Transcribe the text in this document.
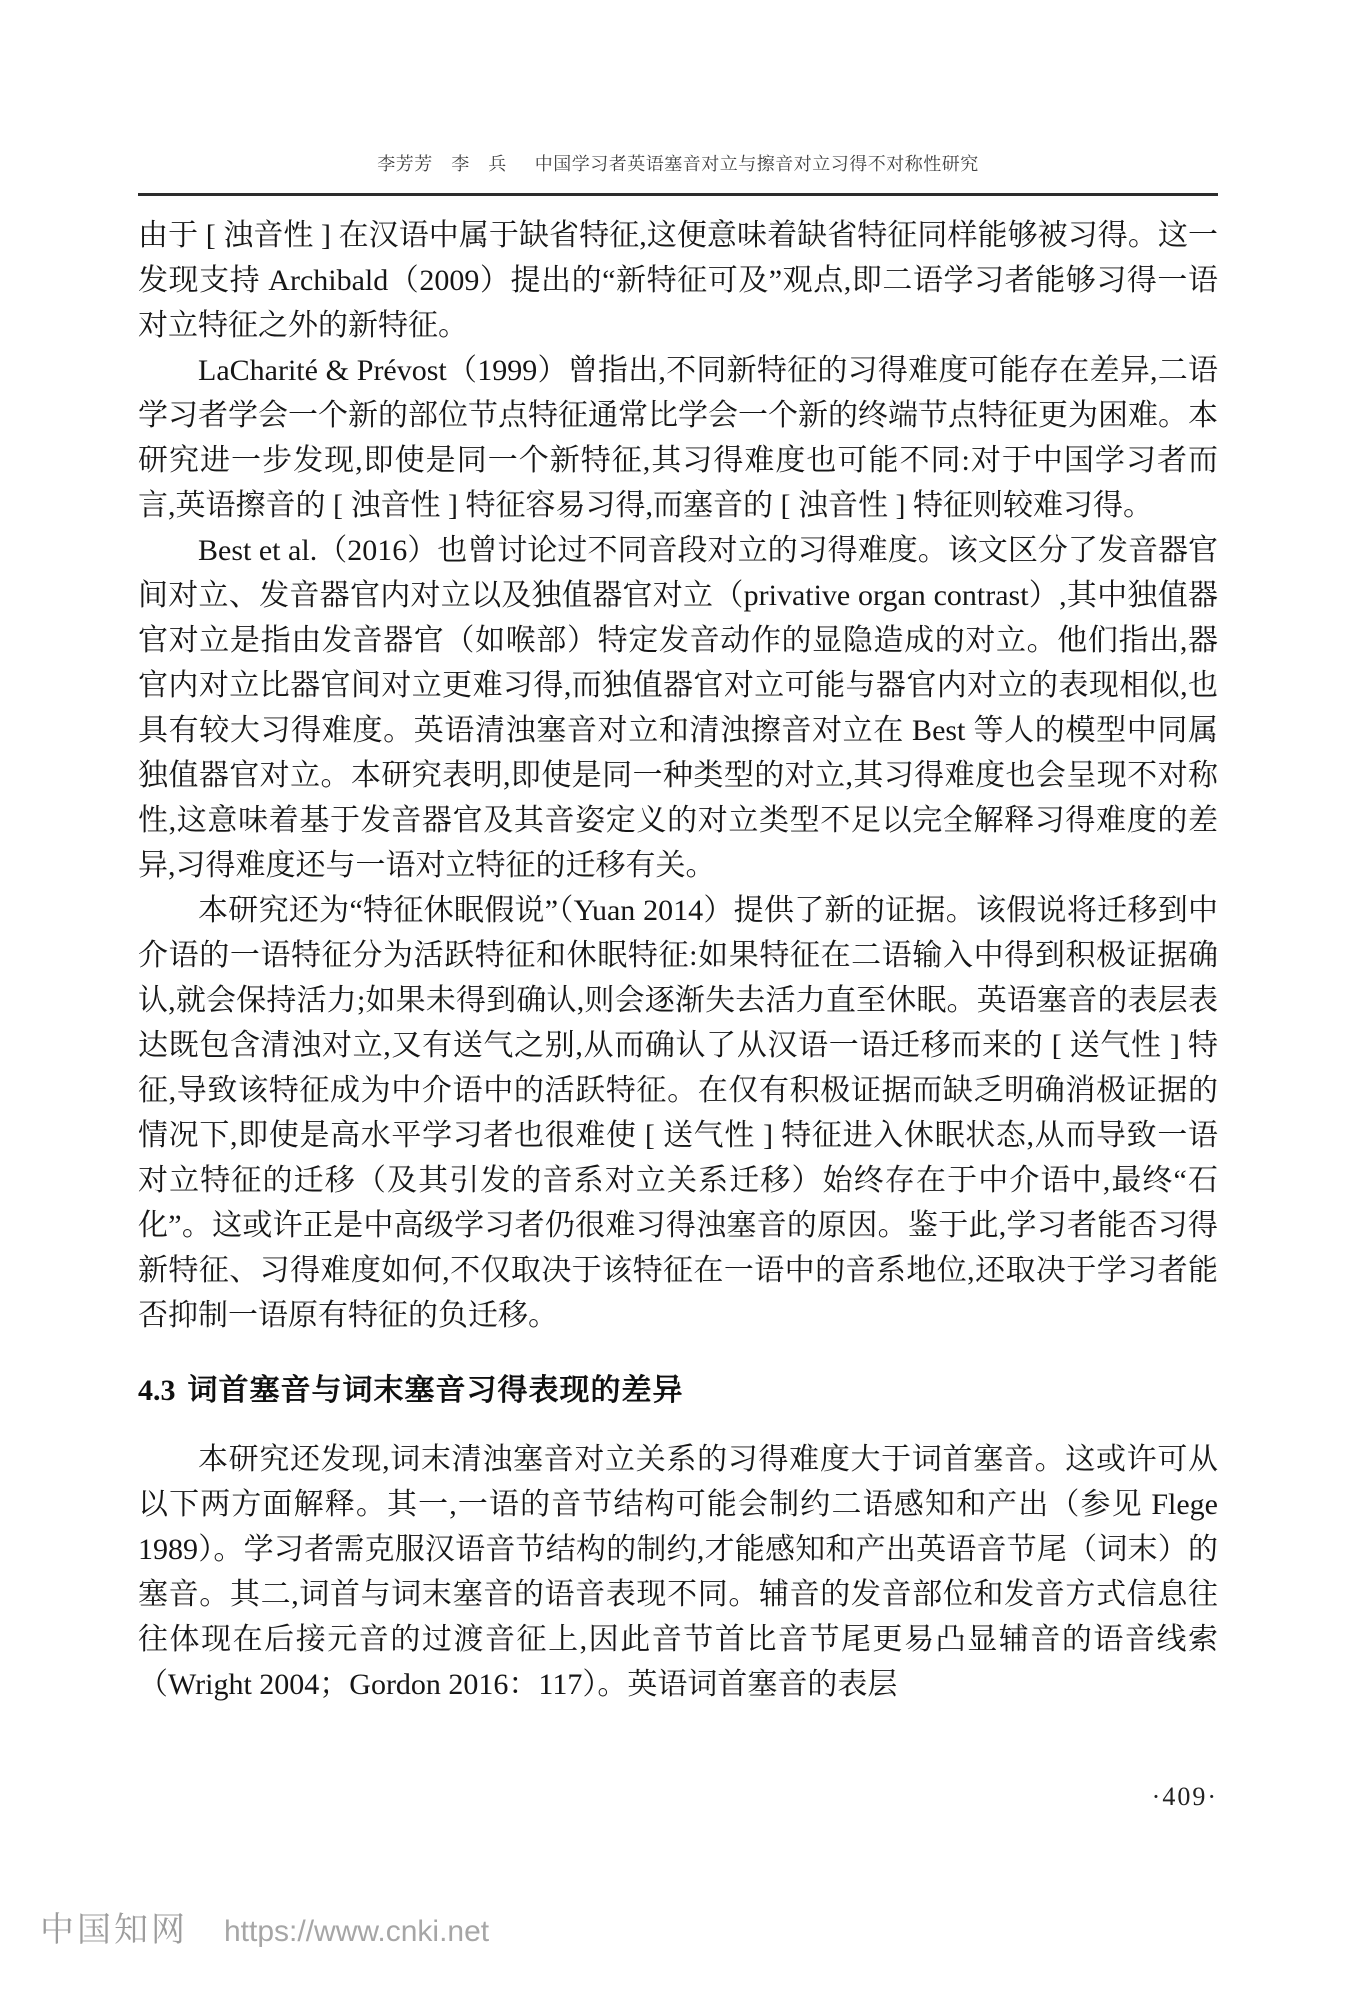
李芳芳　李　兵 中国学习者英语塞音对立与擦音对立习得不对称性研究

由于 [ 浊音性 ] 在汉语中属于缺省特征,这便意味着缺省特征同样能够被习得。这一发现支持 Archibald（2009）提出的“新特征可及”观点,即二语学习者能够习得一语对立特征之外的新特征。

LaCharité & Prévost（1999）曾指出,不同新特征的习得难度可能存在差异,二语学习者学会一个新的部位节点特征通常比学会一个新的终端节点特征更为困难。本研究进一步发现,即使是同一个新特征,其习得难度也可能不同:对于中国学习者而言,英语擦音的 [ 浊音性 ] 特征容易习得,而塞音的 [ 浊音性 ] 特征则较难习得。

Best et al.（2016）也曾讨论过不同音段对立的习得难度。该文区分了发音器官间对立、发音器官内对立以及独值器官对立（privative organ contrast）,其中独值器官对立是指由发音器官（如喉部）特定发音动作的显隐造成的对立。他们指出,器官内对立比器官间对立更难习得,而独值器官对立可能与器官内对立的表现相似,也具有较大习得难度。英语清浊塞音对立和清浊擦音对立在 Best 等人的模型中同属独值器官对立。本研究表明,即使是同一种类型的对立,其习得难度也会呈现不对称性,这意味着基于发音器官及其音姿定义的对立类型不足以完全解释习得难度的差异,习得难度还与一语对立特征的迁移有关。

本研究还为“特征休眠假说”（Yuan 2014）提供了新的证据。该假说将迁移到中介语的一语特征分为活跃特征和休眠特征:如果特征在二语输入中得到积极证据确认,就会保持活力;如果未得到确认,则会逐渐失去活力直至休眠。英语塞音的表层表达既包含清浊对立,又有送气之别,从而确认了从汉语一语迁移而来的 [ 送气性 ] 特征,导致该特征成为中介语中的活跃特征。在仅有积极证据而缺乏明确消极证据的情况下,即使是高水平学习者也很难使 [ 送气性 ] 特征进入休眠状态,从而导致一语对立特征的迁移（及其引发的音系对立关系迁移）始终存在于中介语中,最终“石化”。这或许正是中高级学习者仍很难习得浊塞音的原因。鉴于此,学习者能否习得新特征、习得难度如何,不仅取决于该特征在一语中的音系地位,还取决于学习者能否抑制一语原有特征的负迁移。

4.3 词首塞音与词末塞音习得表现的差异

本研究还发现,词末清浊塞音对立关系的习得难度大于词首塞音。这或许可从以下两方面解释。其一,一语的音节结构可能会制约二语感知和产出（参见 Flege 1989）。学习者需克服汉语音节结构的制约,才能感知和产出英语音节尾（词末）的塞音。其二,词首与词末塞音的语音表现不同。辅音的发音部位和发音方式信息往往体现在后接元音的过渡音征上,因此音节首比音节尾更易凸显辅音的语音线索（Wright 2004；Gordon 2016：117）。英语词首塞音的表层

·409·
中国知网 https://www.cnki.net
